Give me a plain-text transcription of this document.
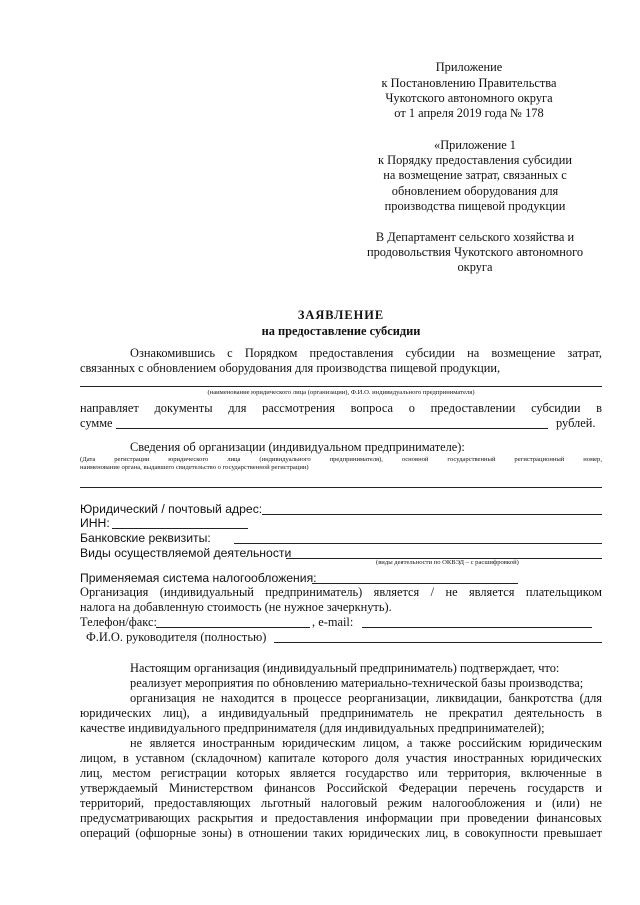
Приложение
к Постановлению Правительства
Чукотского автономного округа
от 1 апреля 2019 года № 178
«Приложение 1
к Порядку предоставления субсидии
на возмещение затрат, связанных с
обновлением оборудования для
производства пищевой продукции
В Департамент сельского хозяйства и
продовольствия Чукотского автономного
округа
ЗАЯВЛЕНИЕ
на предоставление субсидии
Ознакомившись с Порядком предоставления субсидии на возмещение затрат,
связанных с обновлением оборудования для производства пищевой продукции,
(наименование юридического лица (организации), Ф.И.О. индивидуального предпринимателя)
направляет документы для рассмотрения вопроса о предоставлении субсидии в
сумме	рублей.
Сведения об организации (индивидуальном предпринимателе):
(Дата регистрации юридического лица (индивидуального предпринимателя), основной государственный регистрационный номер,
наименование органа, выдавшего свидетельство о государственной регистрации)
Юридический / почтовый адрес:
ИНН:
Банковские реквизиты:
Виды осуществляемой деятельности
(виды деятельности по ОКВЭД – с расшифровкой)
Применяемая система налогообложения:
Организация (индивидуальный предприниматель) является / не является плательщиком
налога на добавленную стоимость (не нужное зачеркнуть).
Телефон/факс:	, e-mail:
Ф.И.О. руководителя (полностью)
Настоящим организация (индивидуальный предприниматель) подтверждает, что:
реализует мероприятия по обновлению материально-технической базы производства;
организация не находится в процессе реорганизации, ликвидации, банкротства (для
юридических лиц), а индивидуальный предприниматель не прекратил деятельность в
качестве индивидуального предпринимателя (для индивидуальных предпринимателей);
не является иностранным юридическим лицом, а также российским юридическим
лицом, в уставном (складочном) капитале которого доля участия иностранных юридических
лиц, местом регистрации которых является государство или территория, включенные в
утверждаемый Министерством финансов Российской Федерации перечень государств и
территорий, предоставляющих льготный налоговый режим налогообложения и (или) не
предусматривающих раскрытия и предоставления информации при проведении финансовых
операций (офшорные зоны) в отношении таких юридических лиц, в совокупности превышает
